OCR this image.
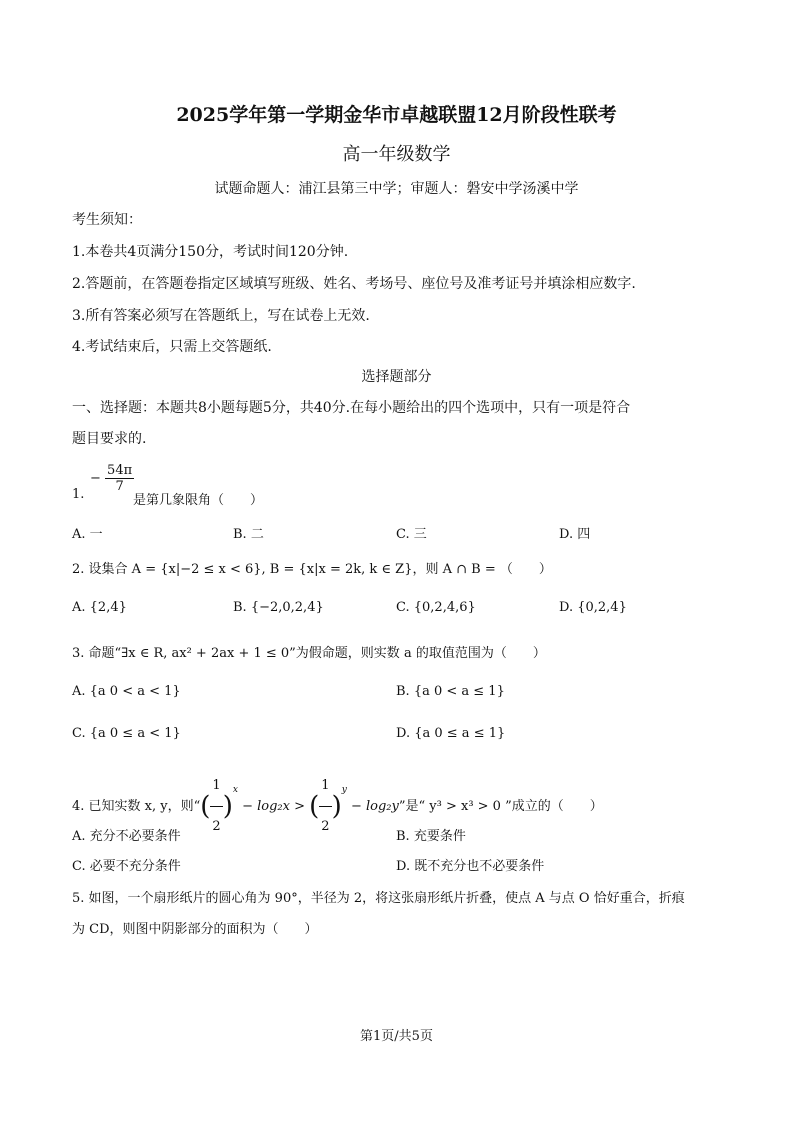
2025学年第一学期金华市卓越联盟12月阶段性联考
高一年级数学
试题命题人：浦江县第三中学；审题人：磐安中学汤溪中学
考生须知：
1.本卷共4页满分150分，考试时间120分钟.
2.答题前，在答题卷指定区域填写班级、姓名、考场号、座位号及准考证号并填涂相应数字.
3.所有答案必须写在答题纸上，写在试卷上无效.
4.考试结束后，只需上交答题纸.
选择题部分
一、选择题：本题共8小题每题5分，共40分.在每小题给出的四个选项中，只有一项是符合
题目要求的.
1.
− $\frac{54\pi}{7}$
是第几象限角（　　）
A. 一	B. 二	C. 三	D. 四
2. 设集合 A = {x|−2 ≤ x < 6}, B = {x|x = 2k, k ∈ Z}，则 A ∩ B = （　　）
A. {2,4}	B. {−2,0,2,4}	C. {0,2,4,6}	D. {0,2,4}
3. 命题“∃x ∈ R, ax² + 2ax + 1 ≤ 0”为假命题，则实数 a 的取值范围为（　　）
A. {a 0 < a < 1}	B. {a 0 < a ≤ 1}
C. {a 0 ≤ a < 1}	D. {a 0 ≤ a ≤ 1}
4. 已知实数 x, y，则“( $\frac{1}{2} )^x - \log_2x$ > ( $\frac{1}{2} )^y - \log_2y$”是“ y³ > x³ > 0 ”成立的（　　）
A. 充分不必要条件	B. 充要条件
C. 必要不充分条件	D. 既不充分也不必要条件
5. 如图，一个扇形纸片的圆心角为 90°，半径为 2，将这张扇形纸片折叠，使点 A 与点 O 恰好重合，折痕
为 CD，则图中阴影部分的面积为（　　）
第1页/共5页
